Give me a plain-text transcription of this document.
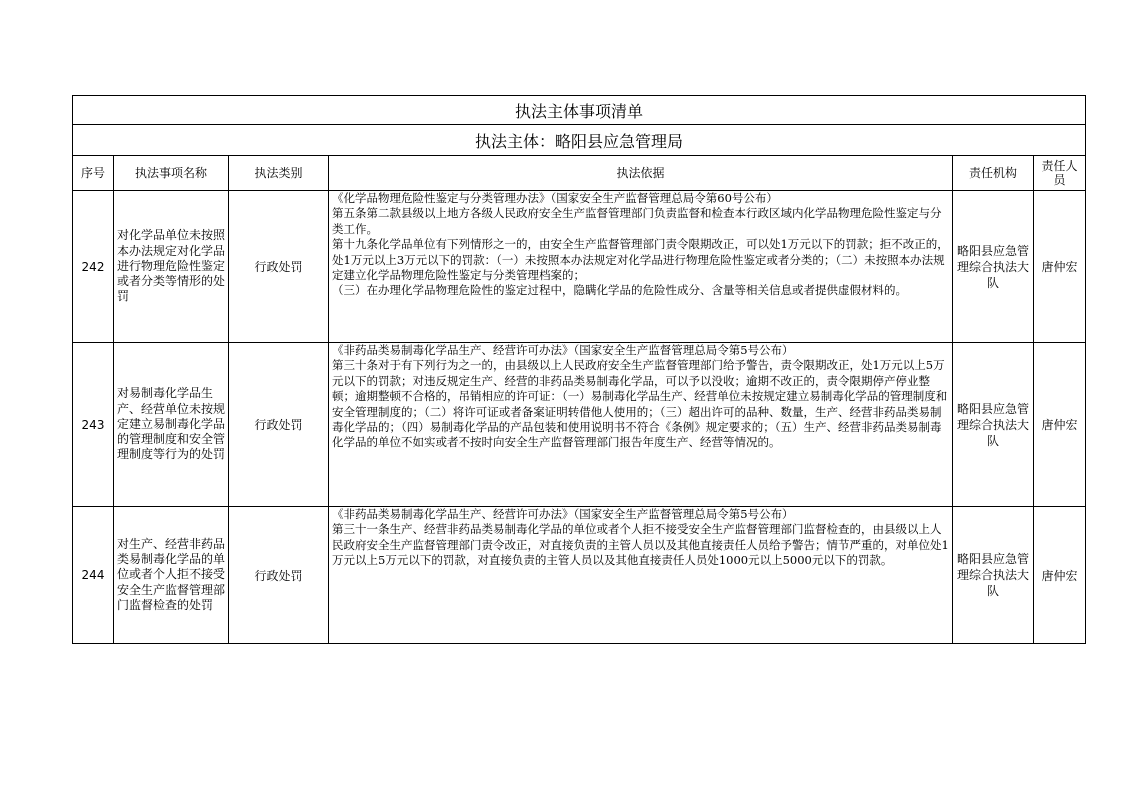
执法主体事项清单					
执法主体：略阳县应急管理局					
序号	执法事项名称	执法类别	执法依据	责任机构	责任人员
242	对化学品单位未按照本办法规定对化学品进行物理危险性鉴定或者分类等情形的处罚	行政处罚	《化学品物理危险性鉴定与分类管理办法》（国家安全生产监督管理总局令第60号公布）
第五条第二款县级以上地方各级人民政府安全生产监督管理部门负责监督和检查本行政区域内化学品物理危险性鉴定与分类工作。
第十九条化学品单位有下列情形之一的，由安全生产监督管理部门责令限期改正，可以处1万元以下的罚款；拒不改正的，处1万元以上3万元以下的罚款：（一）未按照本办法规定对化学品进行物理危险性鉴定或者分类的；（二）未按照本办法规定建立化学品物理危险性鉴定与分类管理档案的；
（三）在办理化学品物理危险性的鉴定过程中，隐瞒化学品的危险性成分、含量等相关信息或者提供虚假材料的。	略阳县应急管理综合执法大队	唐仲宏
243	对易制毒化学品生产、经营单位未按规定建立易制毒化学品的管理制度和安全管理制度等行为的处罚	行政处罚	《非药品类易制毒化学品生产、经营许可办法》（国家安全生产监督管理总局令第5号公布）
第三十条对于有下列行为之一的，由县级以上人民政府安全生产监督管理部门给予警告，责令限期改正，处1万元以上5万元以下的罚款；对违反规定生产、经营的非药品类易制毒化学品，可以予以没收；逾期不改正的，责令限期停产停业整顿；逾期整顿不合格的，吊销相应的许可证：（一）易制毒化学品生产、经营单位未按规定建立易制毒化学品的管理制度和安全管理制度的；（二）将许可证或者备案证明转借他人使用的；（三）超出许可的品种、数量，生产、经营非药品类易制毒化学品的；（四）易制毒化学品的产品包装和使用说明书不符合《条例》规定要求的；（五）生产、经营非药品类易制毒化学品的单位不如实或者不按时向安全生产监督管理部门报告年度生产、经营等情况的。	略阳县应急管理综合执法大队	唐仲宏
244	对生产、经营非药品类易制毒化学品的单位或者个人拒不接受安全生产监督管理部门监督检查的处罚	行政处罚	《非药品类易制毒化学品生产、经营许可办法》（国家安全生产监督管理总局令第5号公布）
第三十一条生产、经营非药品类易制毒化学品的单位或者个人拒不接受安全生产监督管理部门监督检查的，由县级以上人民政府安全生产监督管理部门责令改正，对直接负责的主管人员以及其他直接责任人员给予警告；情节严重的，对单位处1万元以上5万元以下的罚款，对直接负责的主管人员以及其他直接责任人员处1000元以上5000元以下的罚款。	略阳县应急管理综合执法大队	唐仲宏
